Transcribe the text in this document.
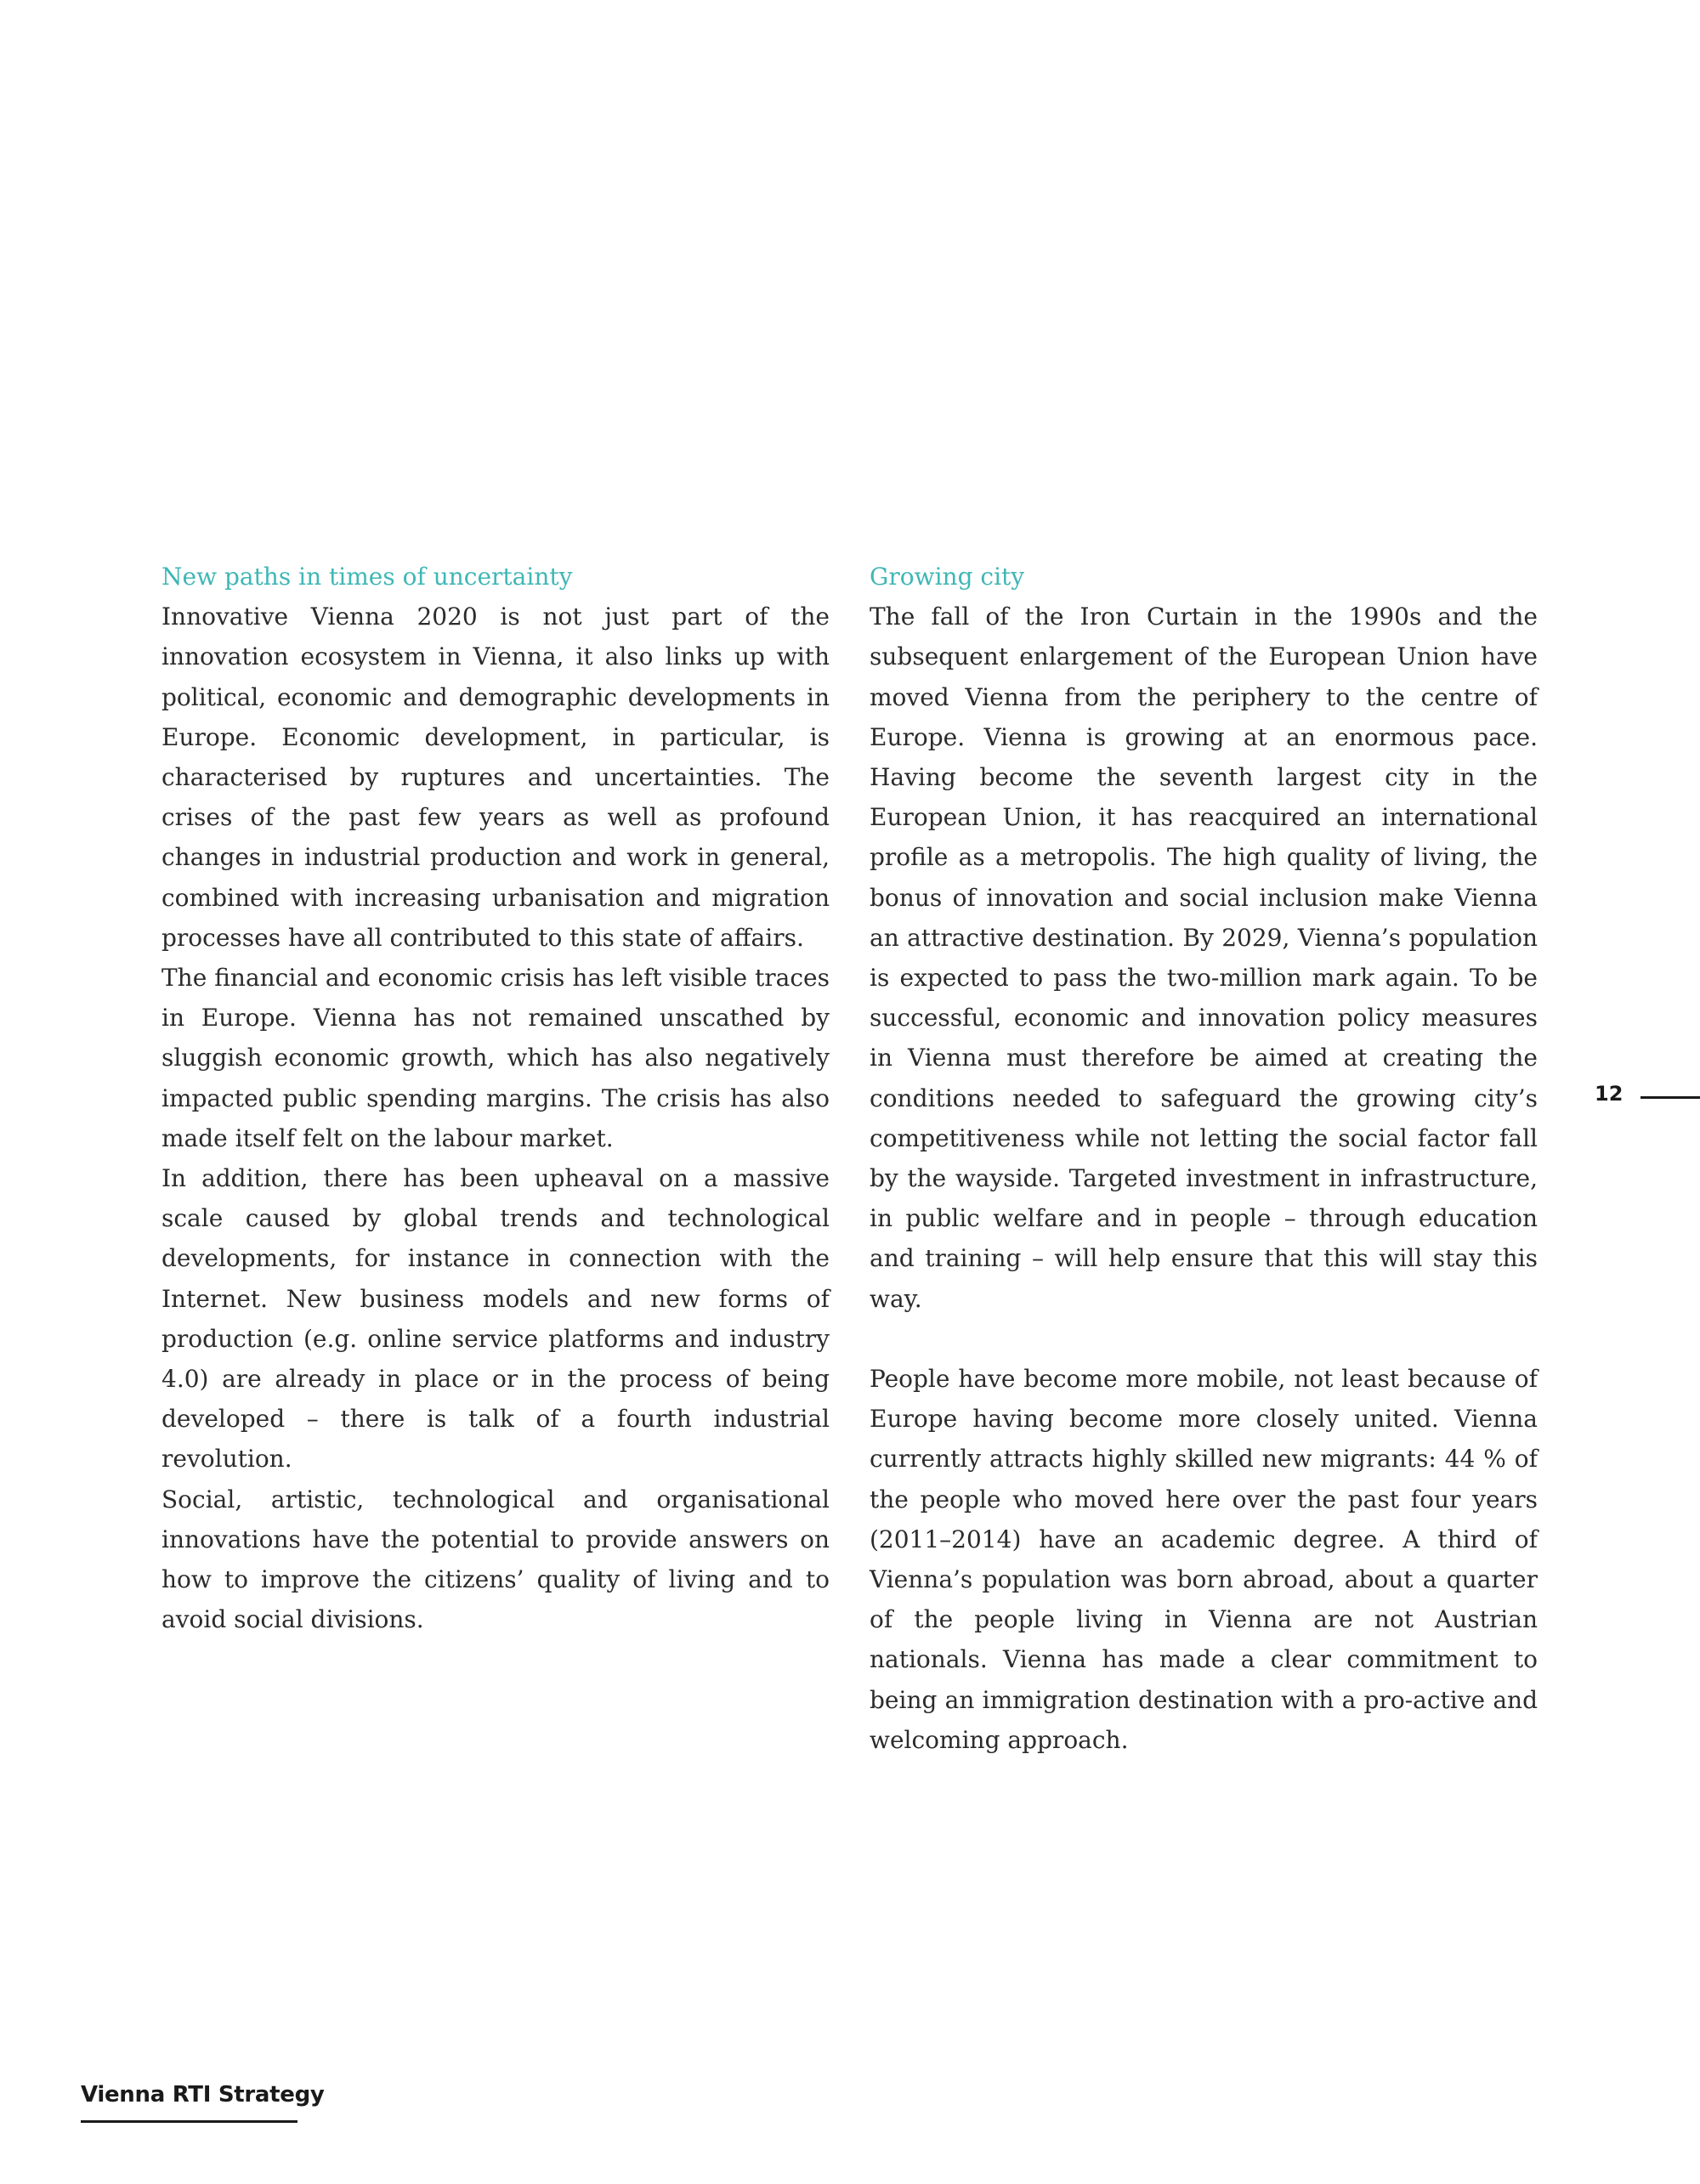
New paths in times of uncertainty

Innovative Vienna 2020 is not just part of the innovation ecosystem in Vienna, it also links up with political, economic and demographic developments in Europe. Economic development, in particular, is characterised by ruptures and uncertainties. The crises of the past few years as well as profound changes in industrial production and work in general, combined with increasing urbanisation and migration processes have all contributed to this state of affairs.

The financial and economic crisis has left visible traces in Europe. Vienna has not remained unscathed by sluggish economic growth, which has also negatively impacted public spending margins. The crisis has also made itself felt on the labour market.

In addition, there has been upheaval on a massive scale caused by global trends and technological developments, for instance in connection with the Internet. New business models and new forms of production (e.g. online service platforms and industry 4.0) are already in place or in the process of being developed – there is talk of a fourth industrial revolution.

Social, artistic, technological and organisational innovations have the potential to provide answers on how to improve the citizens’ quality of living and to avoid social divisions.

Growing city

The fall of the Iron Curtain in the 1990s and the subsequent enlargement of the European Union have moved Vienna from the periphery to the centre of Europe. Vienna is growing at an enormous pace. Having become the seventh largest city in the European Union, it has reacquired an international profile as a metropolis. The high quality of living, the bonus of innovation and social inclusion make Vienna an attractive destination. By 2029, Vienna’s population is expected to pass the two-million mark again. To be successful, economic and innovation policy measures in Vienna must therefore be aimed at creating the conditions needed to safeguard the growing city’s competitiveness while not letting the social factor fall by the wayside. Targeted investment in infrastructure, in public welfare and in people – through education and training – will help ensure that this will stay this way.

People have become more mobile, not least because of Europe having become more closely united. Vienna currently attracts highly skilled new migrants: 44 % of the people who moved here over the past four years (2011–2014) have an academic degree. A third of Vienna’s population was born abroad, about a quarter of the people living in Vienna are not Austrian nationals. Vienna has made a clear commitment to being an immigration destination with a pro-active and welcoming approach.

12
Vienna RTI Strategy
